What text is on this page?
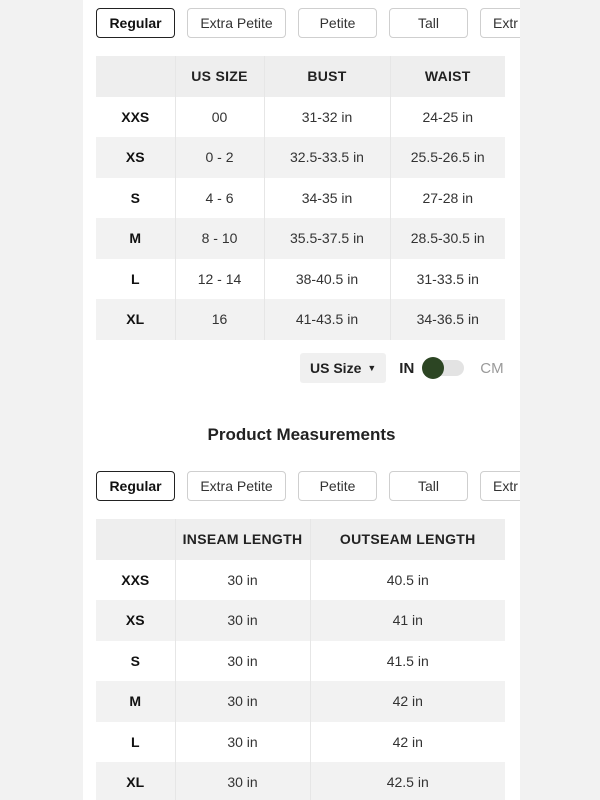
Regular	Extra Petite	Petite	Tall	Extr
	US SIZE	BUST	WAIST
XXS	00	31-32 in	24-25 in
XS	0 - 2	32.5-33.5 in	25.5-26.5 in
S	4 - 6	34-35 in	27-28 in
M	8 - 10	35.5-37.5 in	28.5-30.5 in
L	12 - 14	38-40.5 in	31-33.5 in
XL	16	41-43.5 in	34-36.5 in
US Size ▼ IN	CM
Product Measurements
Regular	Extra Petite	Petite	Tall	Extr
	INSEAM LENGTH	OUTSEAM LENGTH
XXS	30 in	40.5 in
XS	30 in	41 in
S	30 in	41.5 in
M	30 in	42 in
L	30 in	42 in
XL	30 in	42.5 in
